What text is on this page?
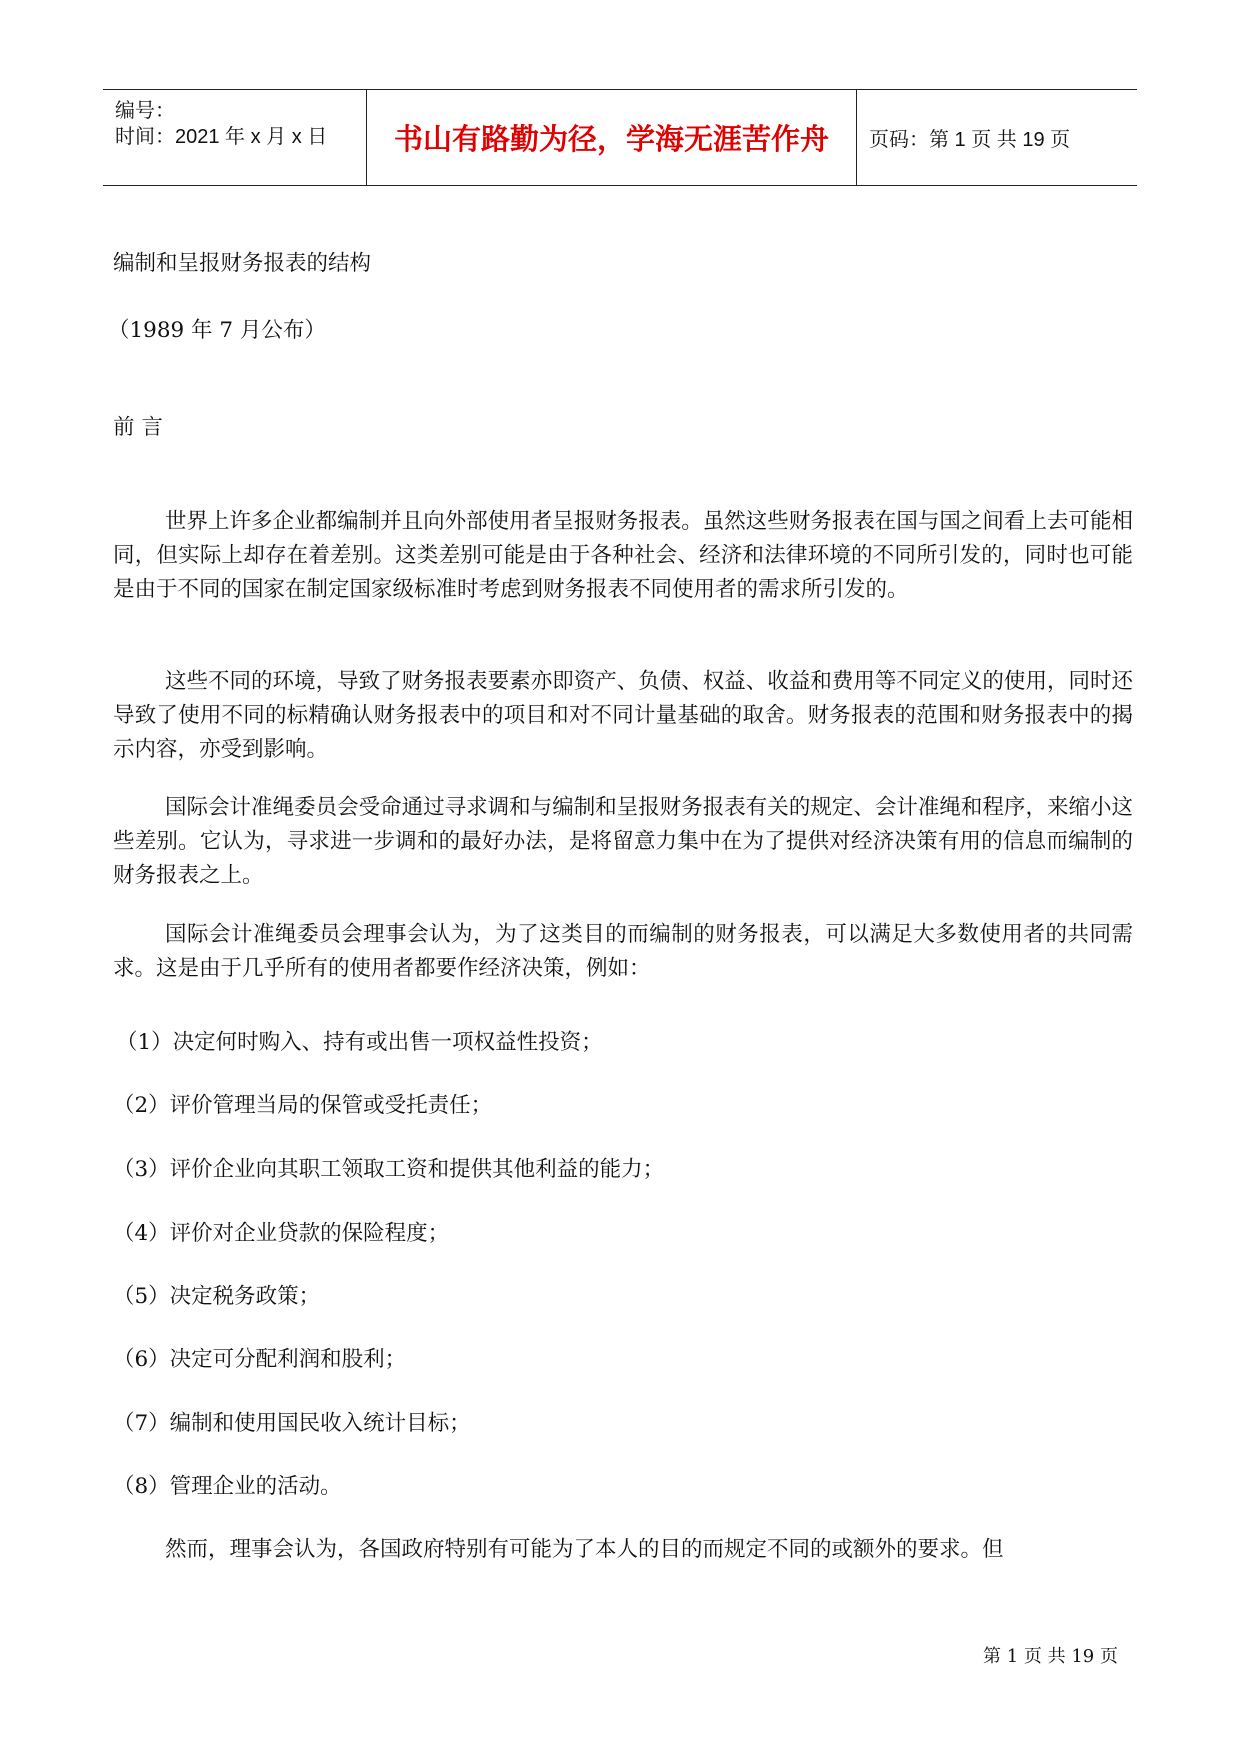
编号：
时间：2021 年 x 月 x 日	书山有路勤为径，学海无涯苦作舟	页码：第 1 页 共 19 页
编制和呈报财务报表的结构
（1989 年 7 月公布）
前 言

世界上许多企业都编制并且向外部使用者呈报财务报表。虽然这些财务报表在国与国之间看上去可能相同，但实际上却存在着差别。这类差别可能是由于各种社会、经济和法律环境的不同所引发的，同时也可能是由于不同的国家在制定国家级标准时考虑到财务报表不同使用者的需求所引发的。

这些不同的环境，导致了财务报表要素亦即资产、负债、权益、收益和费用等不同定义的使用，同时还导致了使用不同的标精确认财务报表中的项目和对不同计量基础的取舍。财务报表的范围和财务报表中的揭示内容，亦受到影响。

国际会计准绳委员会受命通过寻求调和与编制和呈报财务报表有关的规定、会计准绳和程序，来缩小这些差别。它认为，寻求进一步调和的最好办法，是将留意力集中在为了提供对经济决策有用的信息而编制的财务报表之上。

国际会计准绳委员会理事会认为，为了这类目的而编制的财务报表，可以满足大多数使用者的共同需求。这是由于几乎所有的使用者都要作经济决策，例如：

（1）决定何时购入、持有或出售一项权益性投资；
（2）评价管理当局的保管或受托责任；
（3）评价企业向其职工领取工资和提供其他利益的能力；
（4）评价对企业贷款的保险程度；
（5）决定税务政策；
（6）决定可分配利润和股利；
（7）编制和使用国民收入统计目标；
（8）管理企业的活动。

然而，理事会认为，各国政府特别有可能为了本人的目的而规定不同的或额外的要求。但

第 1 页 共 19 页
